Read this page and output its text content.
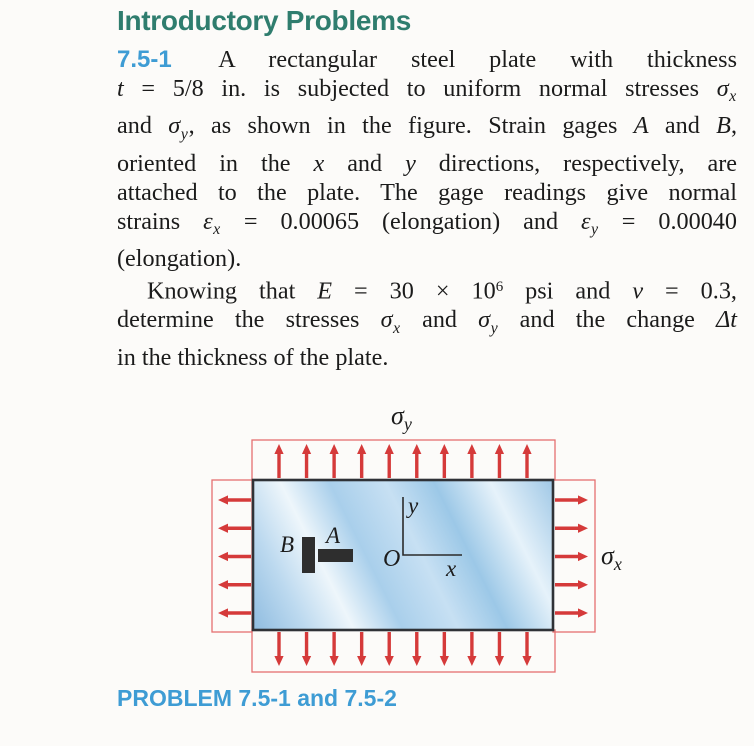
Introductory Problems
7.5-1 A rectangular steel plate with thickness
t = 5/8 in. is subjected to uniform normal stresses $\sigma_x$
and $\sigma_y$, as shown in the figure. Strain gages A and B,
oriented in the x and y directions, respectively, are
attached to the plate. The gage readings give normal
strains $\varepsilon_x = 0.00065$ (elongation) and $\varepsilon_y = 0.00040$
(elongation).
Knowing that $E = 30 \times 10^6$ psi and ν = 0.3,
determine the stresses $\sigma_x$ and $\sigma_y$ and the change Δt
in the thickness of the plate.
$\sigma_y$
$\sigma_x$
B A
O
y
x

PROBLEM 7.5-1 and 7.5-2
